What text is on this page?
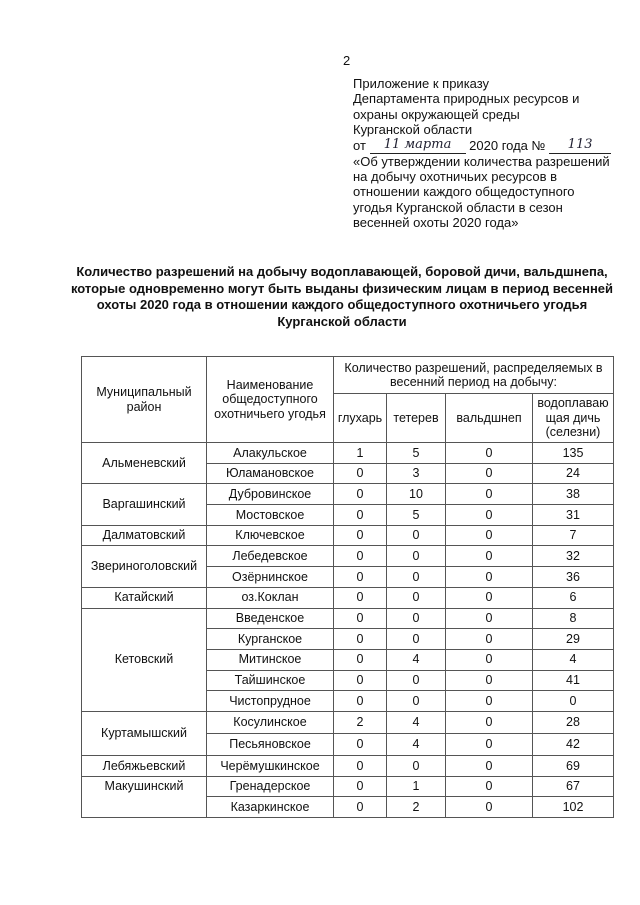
2
Приложение к приказу
Департамента природных ресурсов и
охраны окружающей среды
Курганской области
от 11 марта 2020 года № 113
«Об утверждении количества разрешений
на добычу охотничьих ресурсов в
отношении каждого общедоступного
угодья Курганской области в сезон
весенней охоты 2020 года»
Количество разрешений на добычу водоплавающей, боровой дичи, вальдшнепа, которые одновременно могут быть выданы физическим лицам в период весенней охоты 2020 года в отношении каждого общедоступного охотничьего угодья Курганской области
Муниципальный район	Наименование общедоступного охотничьего угодья	Количество разрешений, распределяемых в весенний период на добычу:			
		глухарь	тетерев	вальдшнеп	водоплаваю щая дичь (селезни)
Альменевский	Алакульское	1	5	0	135
	Юламановское	0	3	0	24
Варгашинский	Дубровинское	0	10	0	38
	Мостовское	0	5	0	31
Далматовский	Ключевское	0	0	0	7
Звериноголовский	Лебедевское	0	0	0	32
	Озёрнинское	0	0	0	36
Катайский	оз.Коклан	0	0	0	6
Кетовский	Введенское	0	0	0	8
	Курганское	0	0	0	29
	Митинское	0	4	0	4
	Тайшинское	0	0	0	41
	Чистопрудное	0	0	0	0
Куртамышский	Косулинское	2	4	0	28
	Песьяновское	0	4	0	42
Лебяжьевский	Черёмушкинское	0	0	0	69
Макушинский	Гренадерское	0	1	0	67
	Казаркинское	0	2	0	102
